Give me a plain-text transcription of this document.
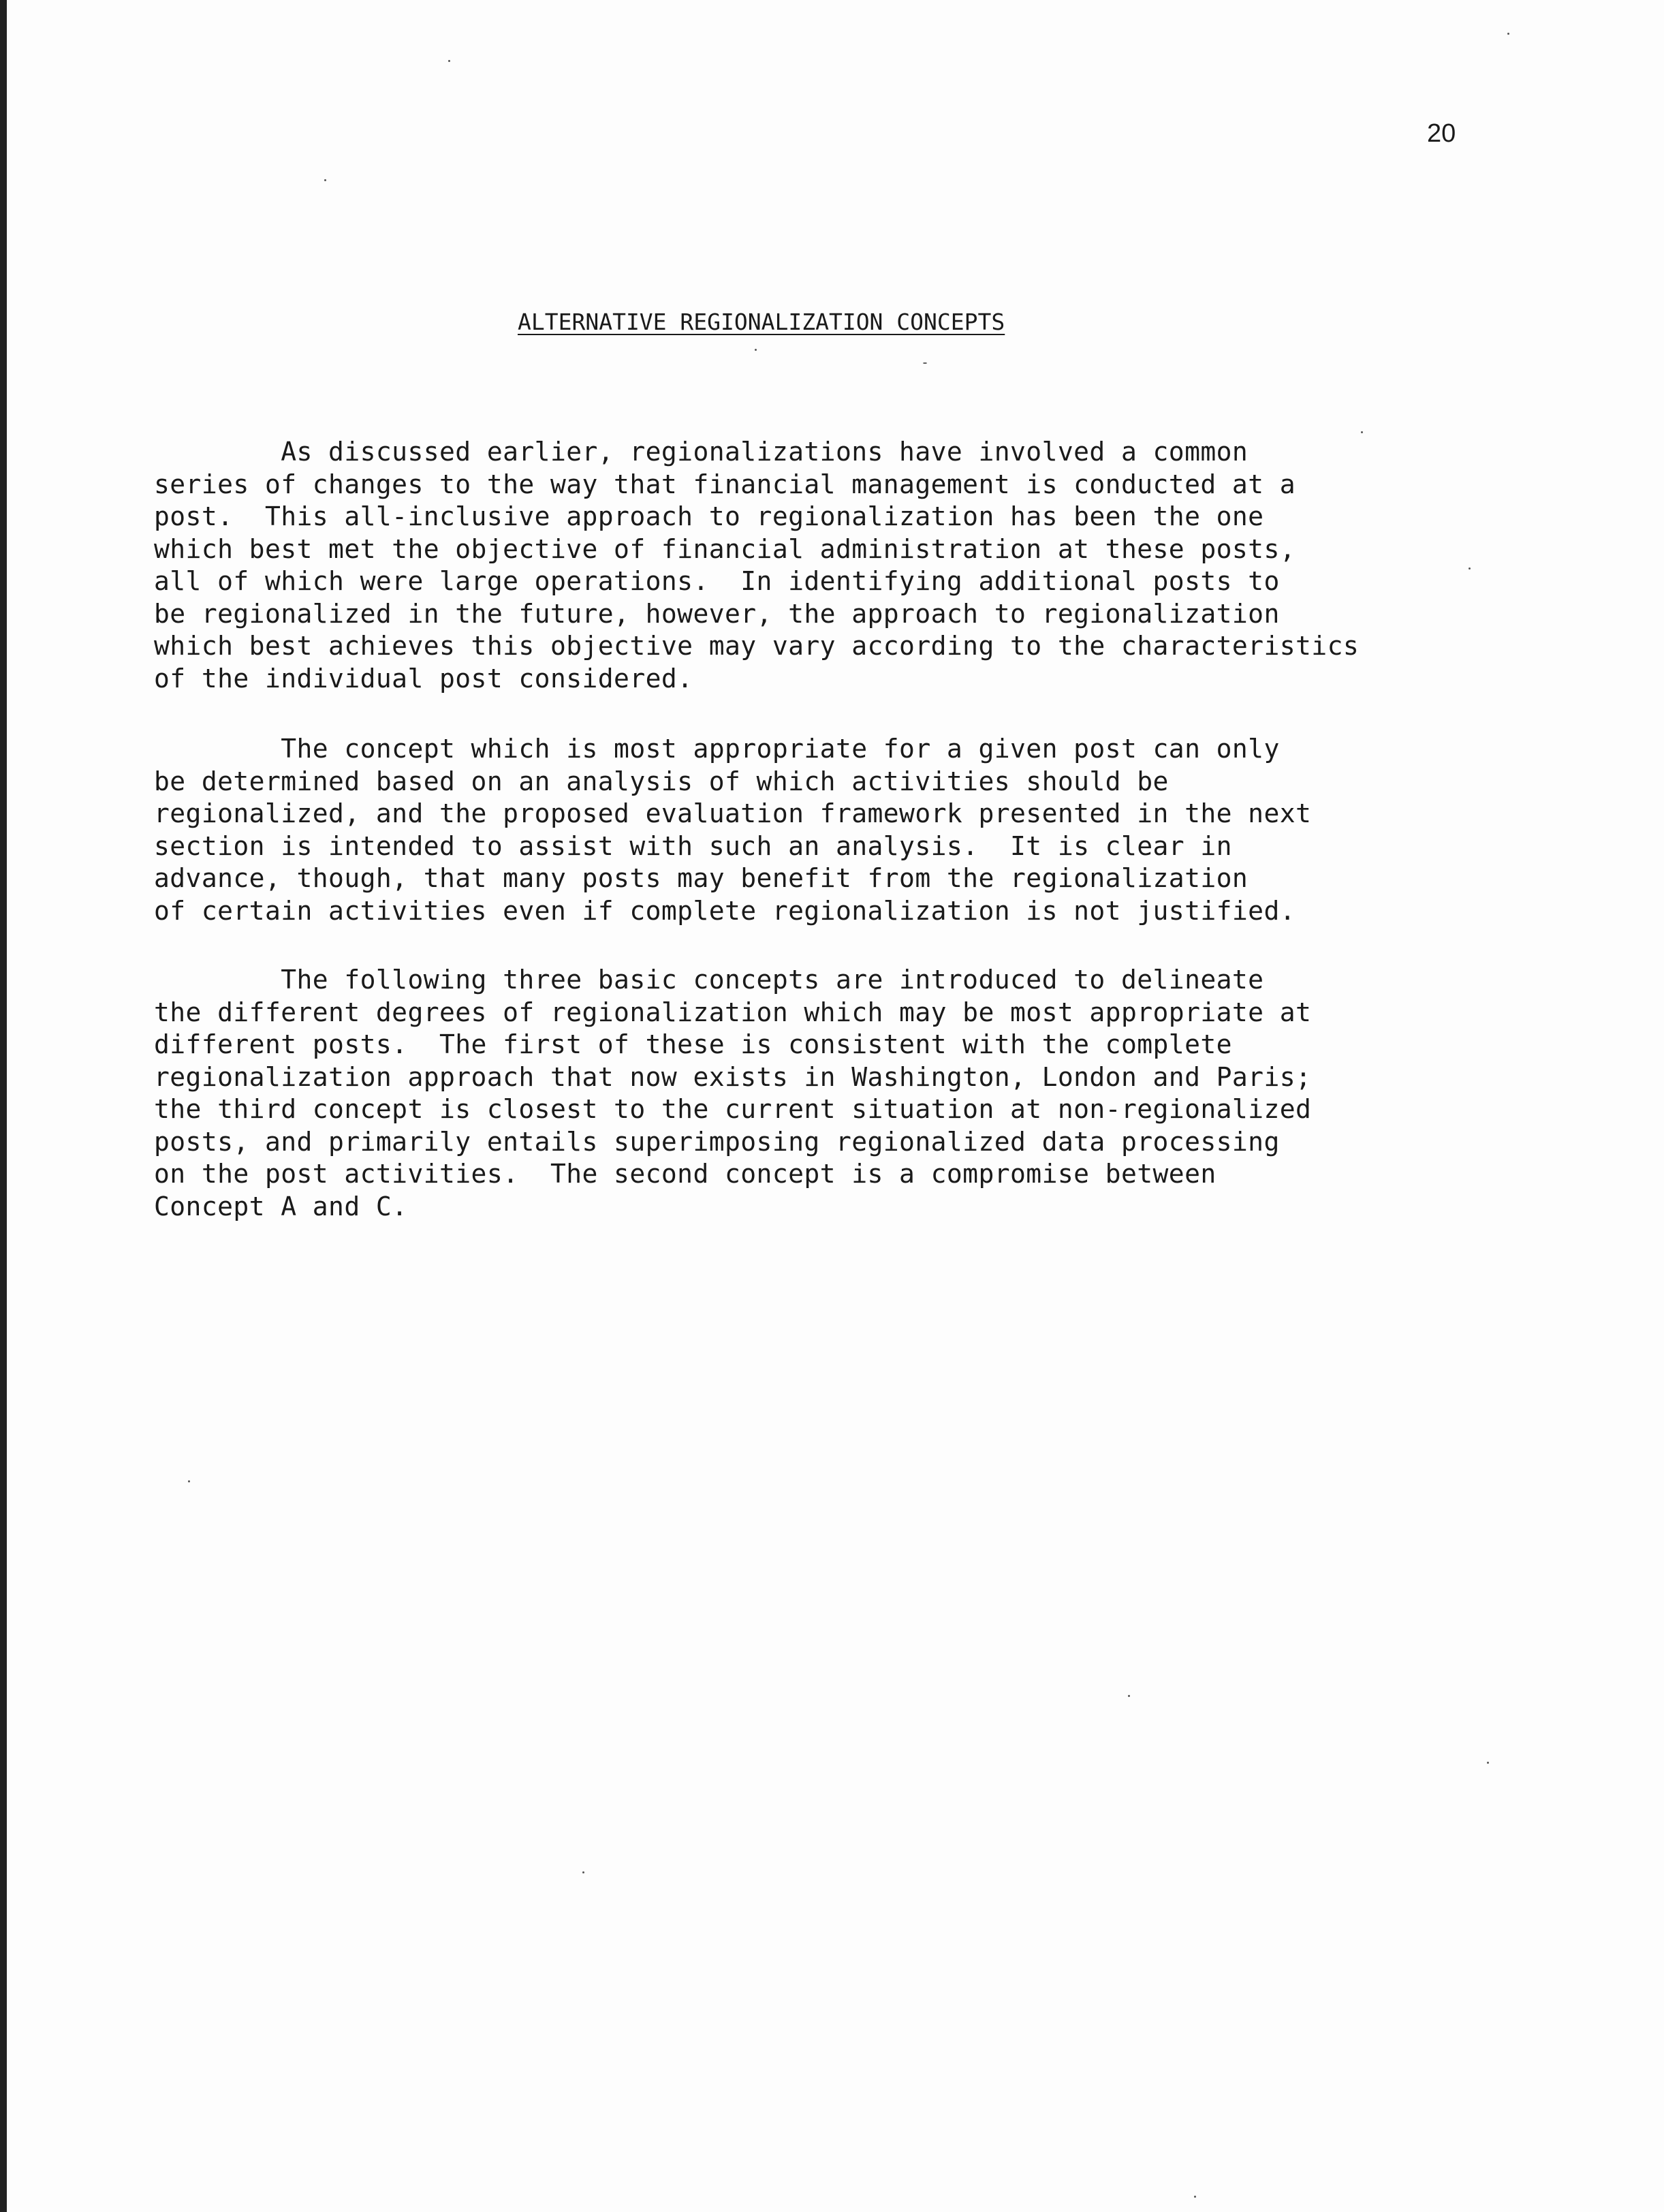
20
ALTERNATIVE REGIONALIZATION CONCEPTS
As discussed earlier, regionalizations have involved a common
series of changes to the way that financial management is conducted at a
post.  This all-inclusive approach to regionalization has been the one
which best met the objective of financial administration at these posts,
all of which were large operations.  In identifying additional posts to
be regionalized in the future, however, the approach to regionalization
which best achieves this objective may vary according to the characteristics
of the individual post considered.
The concept which is most appropriate for a given post can only
be determined based on an analysis of which activities should be
regionalized, and the proposed evaluation framework presented in the next
section is intended to assist with such an analysis.  It is clear in
advance, though, that many posts may benefit from the regionalization
of certain activities even if complete regionalization is not justified.
The following three basic concepts are introduced to delineate
the different degrees of regionalization which may be most appropriate at
different posts.  The first of these is consistent with the complete
regionalization approach that now exists in Washington, London and Paris;
the third concept is closest to the current situation at non-regionalized
posts, and primarily entails superimposing regionalized data processing
on the post activities.  The second concept is a compromise between
Concept A and C.
